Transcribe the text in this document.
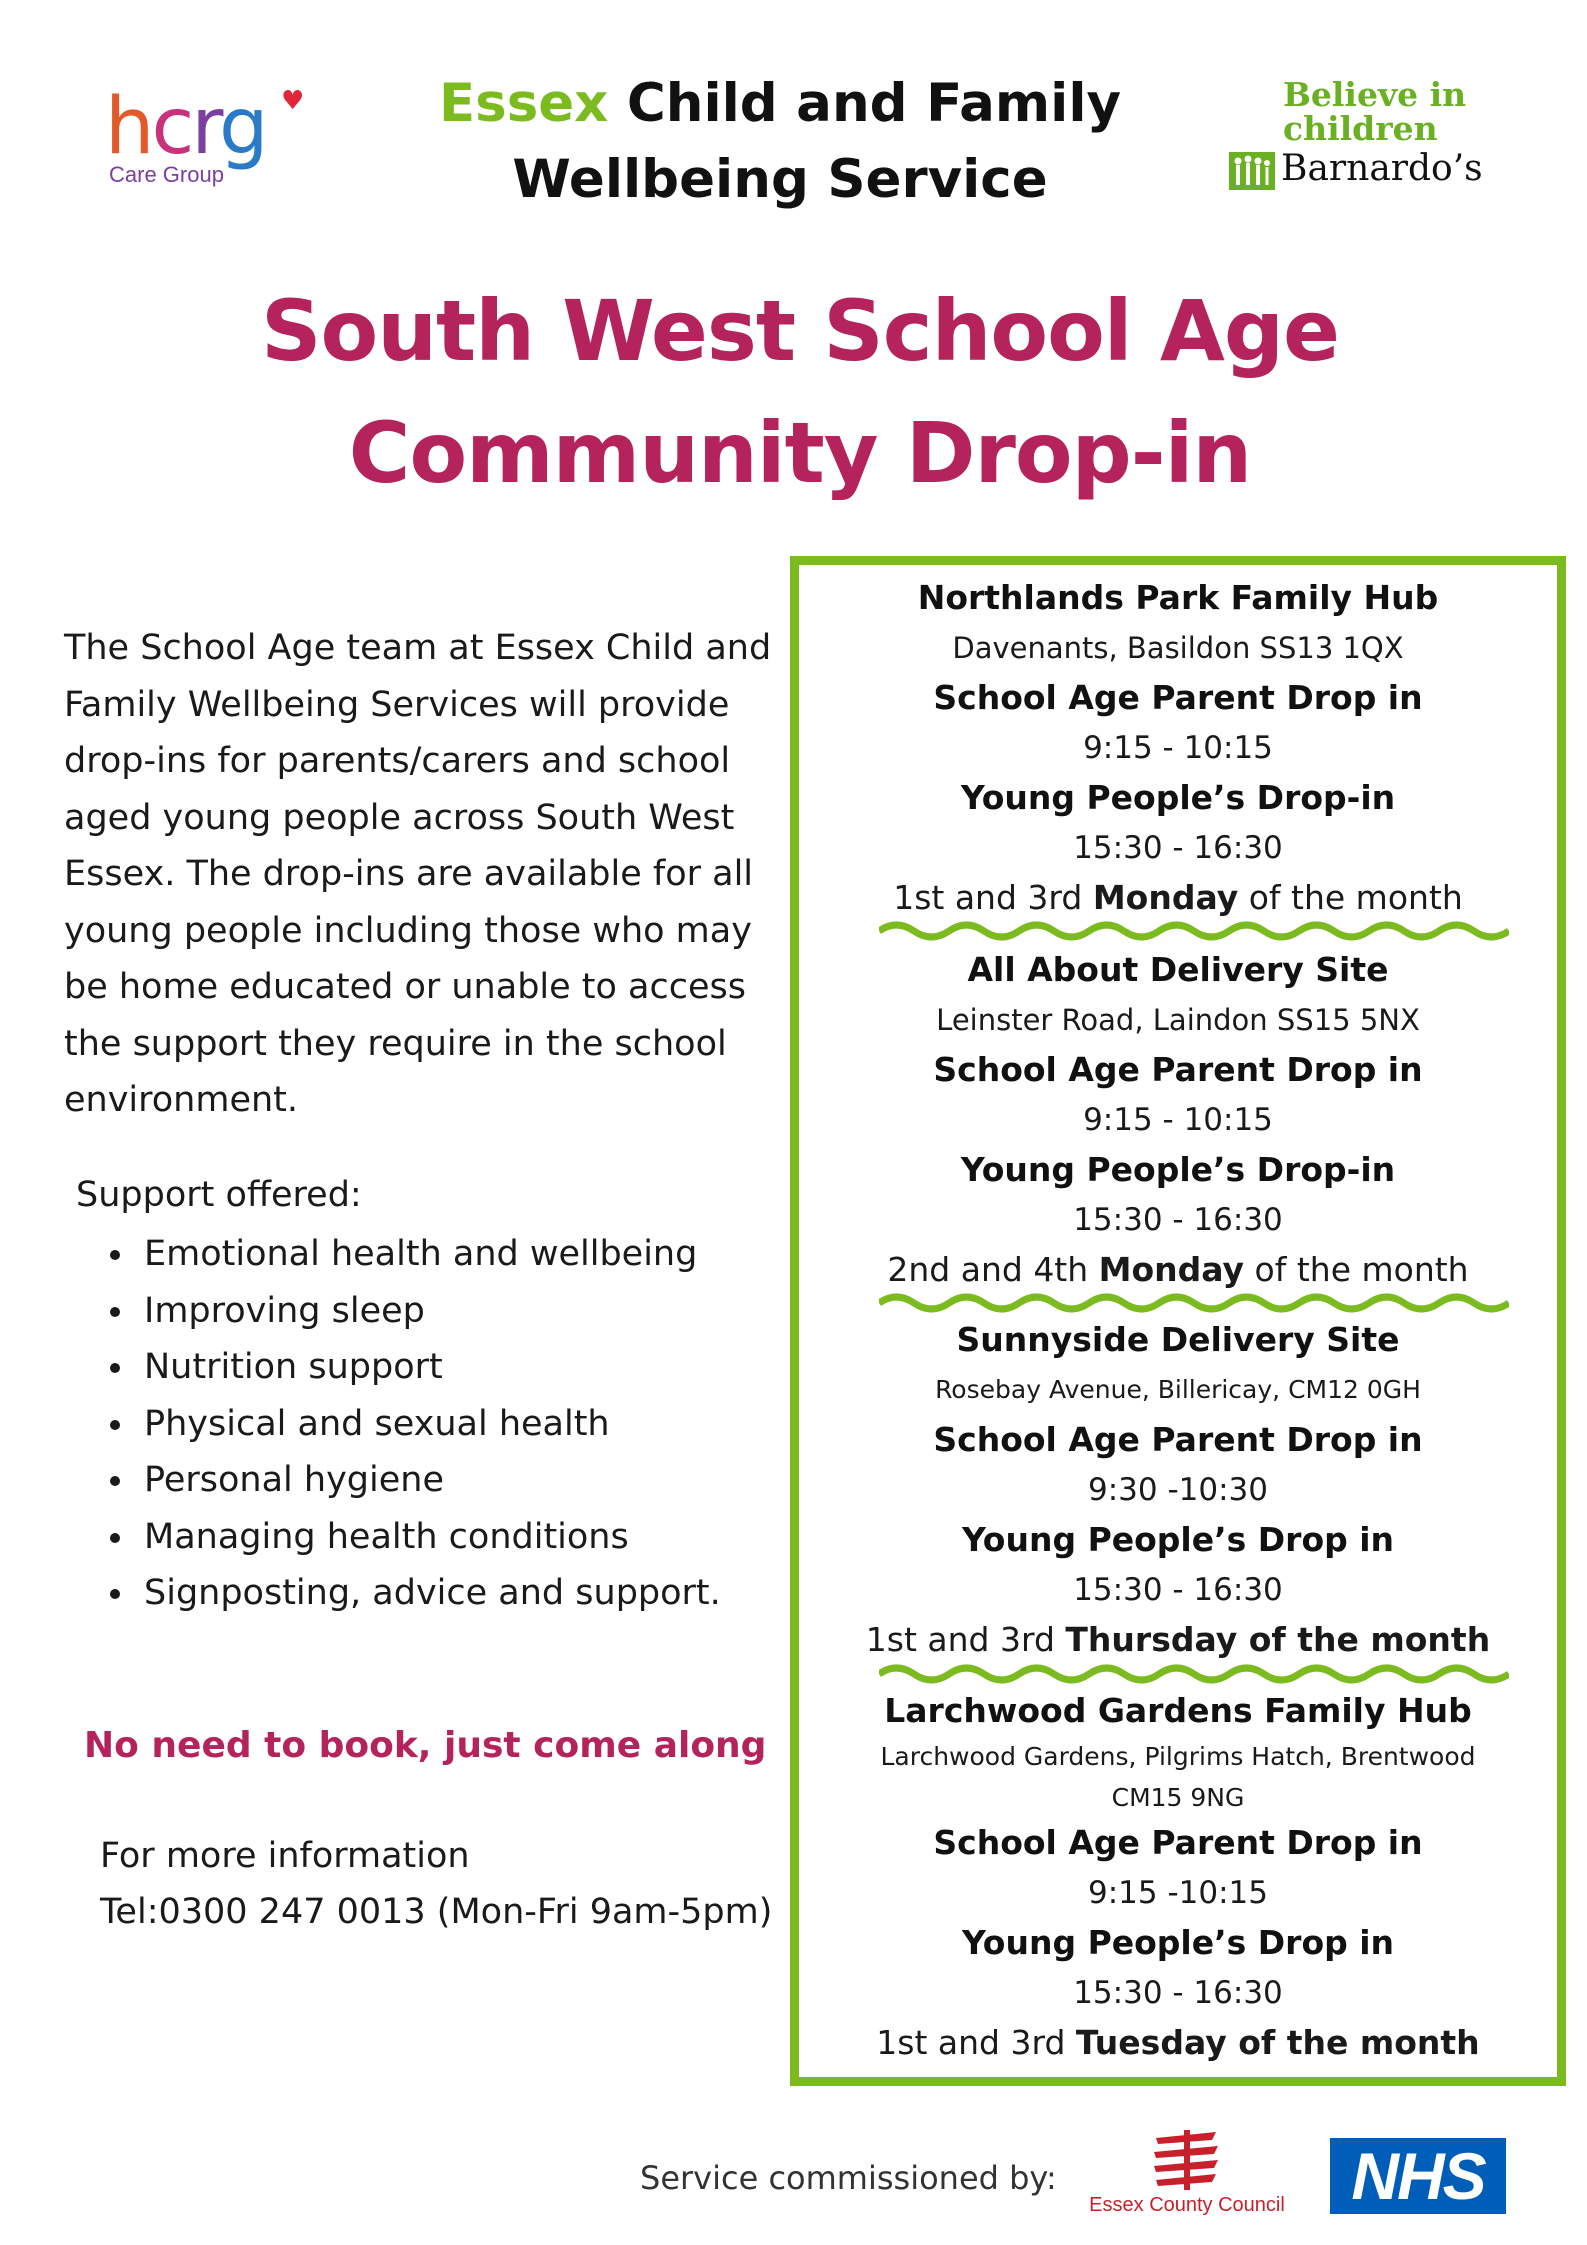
hcrg ♥
Care Group
Essex Child and Family
Wellbeing Service
Believe in
children
Barnardo’s
South West School Age
Community Drop-in
The School Age team at Essex Child and
Family Wellbeing Services will provide
drop-ins for parents/carers and school
aged young people across South West
Essex. The drop-ins are available for all
young people including those who may
be home educated or unable to access
the support they require in the school
environment.
Support offered:
Emotional health and wellbeing
Improving sleep
Nutrition support
Physical and sexual health
Personal hygiene
Managing health conditions
Signposting, advice and support.
No need to book, just come along
For more information
Tel:0300 247 0013 (Mon-Fri 9am-5pm)
Northlands Park Family Hub
Davenants, Basildon SS13 1QX
School Age Parent Drop in
9:15 - 10:15
Young People’s Drop-in
15:30 - 16:30
1st and 3rd Monday of the month
All About Delivery Site
Leinster Road, Laindon SS15 5NX
School Age Parent Drop in
9:15 - 10:15
Young People’s Drop-in
15:30 - 16:30
2nd and 4th Monday of the month
Sunnyside Delivery Site
Rosebay Avenue, Billericay, CM12 0GH
School Age Parent Drop in
9:30 -10:30
Young People’s Drop in
15:30 - 16:30
1st and 3rd Thursday of the month
Larchwood Gardens Family Hub
Larchwood Gardens, Pilgrims Hatch, Brentwood
CM15 9NG
School Age Parent Drop in
9:15 -10:15
Young People’s Drop in
15:30 - 16:30
1st and 3rd Tuesday of the month
Service commissioned by:
Essex County Council	NHS
